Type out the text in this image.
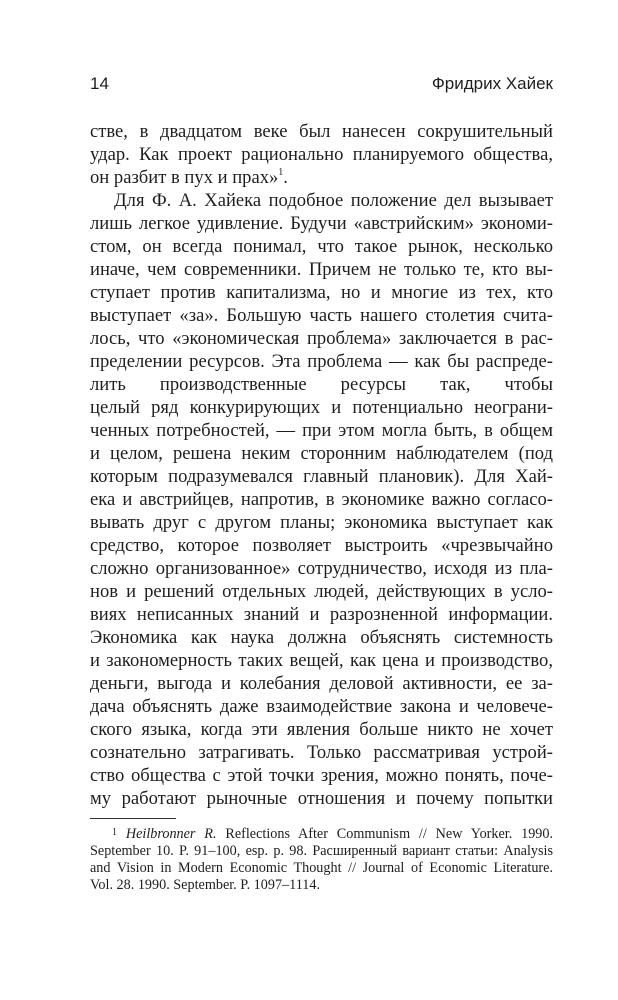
14	Фридрих Хайек
стве, в двадцатом веке был нанесен сокрушительный
удар. Как проект рационально планируемого общества,
он разбит в пух и прах»$^1$.
Для Ф. А. Хайека подобное положение дел вызывает
лишь легкое удивление. Будучи «австрийским» экономи-
стом, он всегда понимал, что такое рынок, несколько
иначе, чем современники. Причем не только те, кто вы-
ступает против капитализма, но и многие из тех, кто
выступает «за». Большую часть нашего столетия счита-
лось, что «экономическая проблема» заключается в рас-
пределении ресурсов. Эта проблема — как бы распреде-
лить производственные ресурсы так, чтобы
целый ряд конкурирующих и потенциально неограни-
ченных потребностей, — при этом могла быть, в общем
и целом, решена неким сторонним наблюдателем (под
которым подразумевался главный плановик). Для Хай-
ека и австрийцев, напротив, в экономике важно согласо-
вывать друг с другом планы; экономика выступает как
средство, которое позволяет выстроить «чрезвычайно
сложно организованное» сотрудничество, исходя из пла-
нов и решений отдельных людей, действующих в усло-
виях неписанных знаний и разрозненной информации.
Экономика как наука должна объяснять системность
и закономерность таких вещей, как цена и производство,
деньги, выгода и колебания деловой активности, ее за-
дача объяснять даже взаимодействие закона и человече-
ского языка, когда эти явления больше никто не хочет
сознательно затрагивать. Только рассматривая устрой-
ство общества с этой точки зрения, можно понять, поче-
му работают рыночные отношения и почему попытки
$^1$ Heilbronner R. Reflections After Communism // New Yorker. 1990.
September 10. P. 91–100, esp. p. 98. Расширенный вариант статьи: Analysis
and Vision in Modern Economic Thought // Journal of Economic Literature.
Vol. 28. 1990. September. P. 1097–1114.
